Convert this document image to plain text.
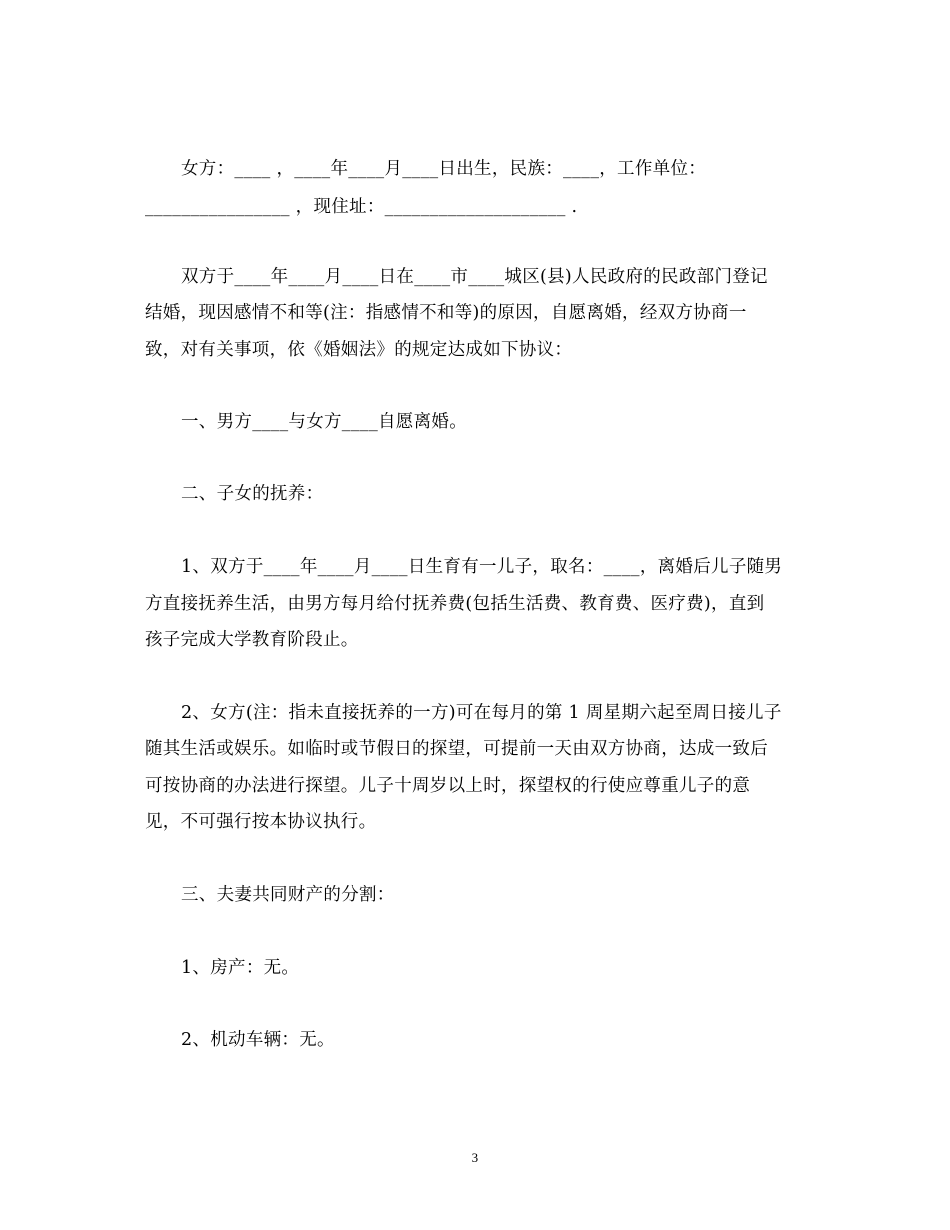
女方：____ ，____年____月____日出生，民族：____，工作单位：
________________ ，现住址：____________________ .
双方于____年____月____日在____市____城区(县)人民政府的民政部门登记
结婚，现因感情不和等(注：指感情不和等)的原因，自愿离婚，经双方协商一
致，对有关事项，依《婚姻法》的规定达成如下协议：
一、男方____与女方____自愿离婚。
二、子女的抚养：
1、双方于____年____月____日生育有一儿子，取名：____，离婚后儿子随男
方直接抚养生活，由男方每月给付抚养费(包括生活费、教育费、医疗费)，直到
孩子完成大学教育阶段止。
2、女方(注：指未直接抚养的一方)可在每月的第 1 周星期六起至周日接儿子
随其生活或娱乐。如临时或节假日的探望，可提前一天由双方协商，达成一致后
可按协商的办法进行探望。儿子十周岁以上时，探望权的行使应尊重儿子的意
见，不可强行按本协议执行。
三、夫妻共同财产的分割：
1、房产：无。
2、机动车辆：无。
3
